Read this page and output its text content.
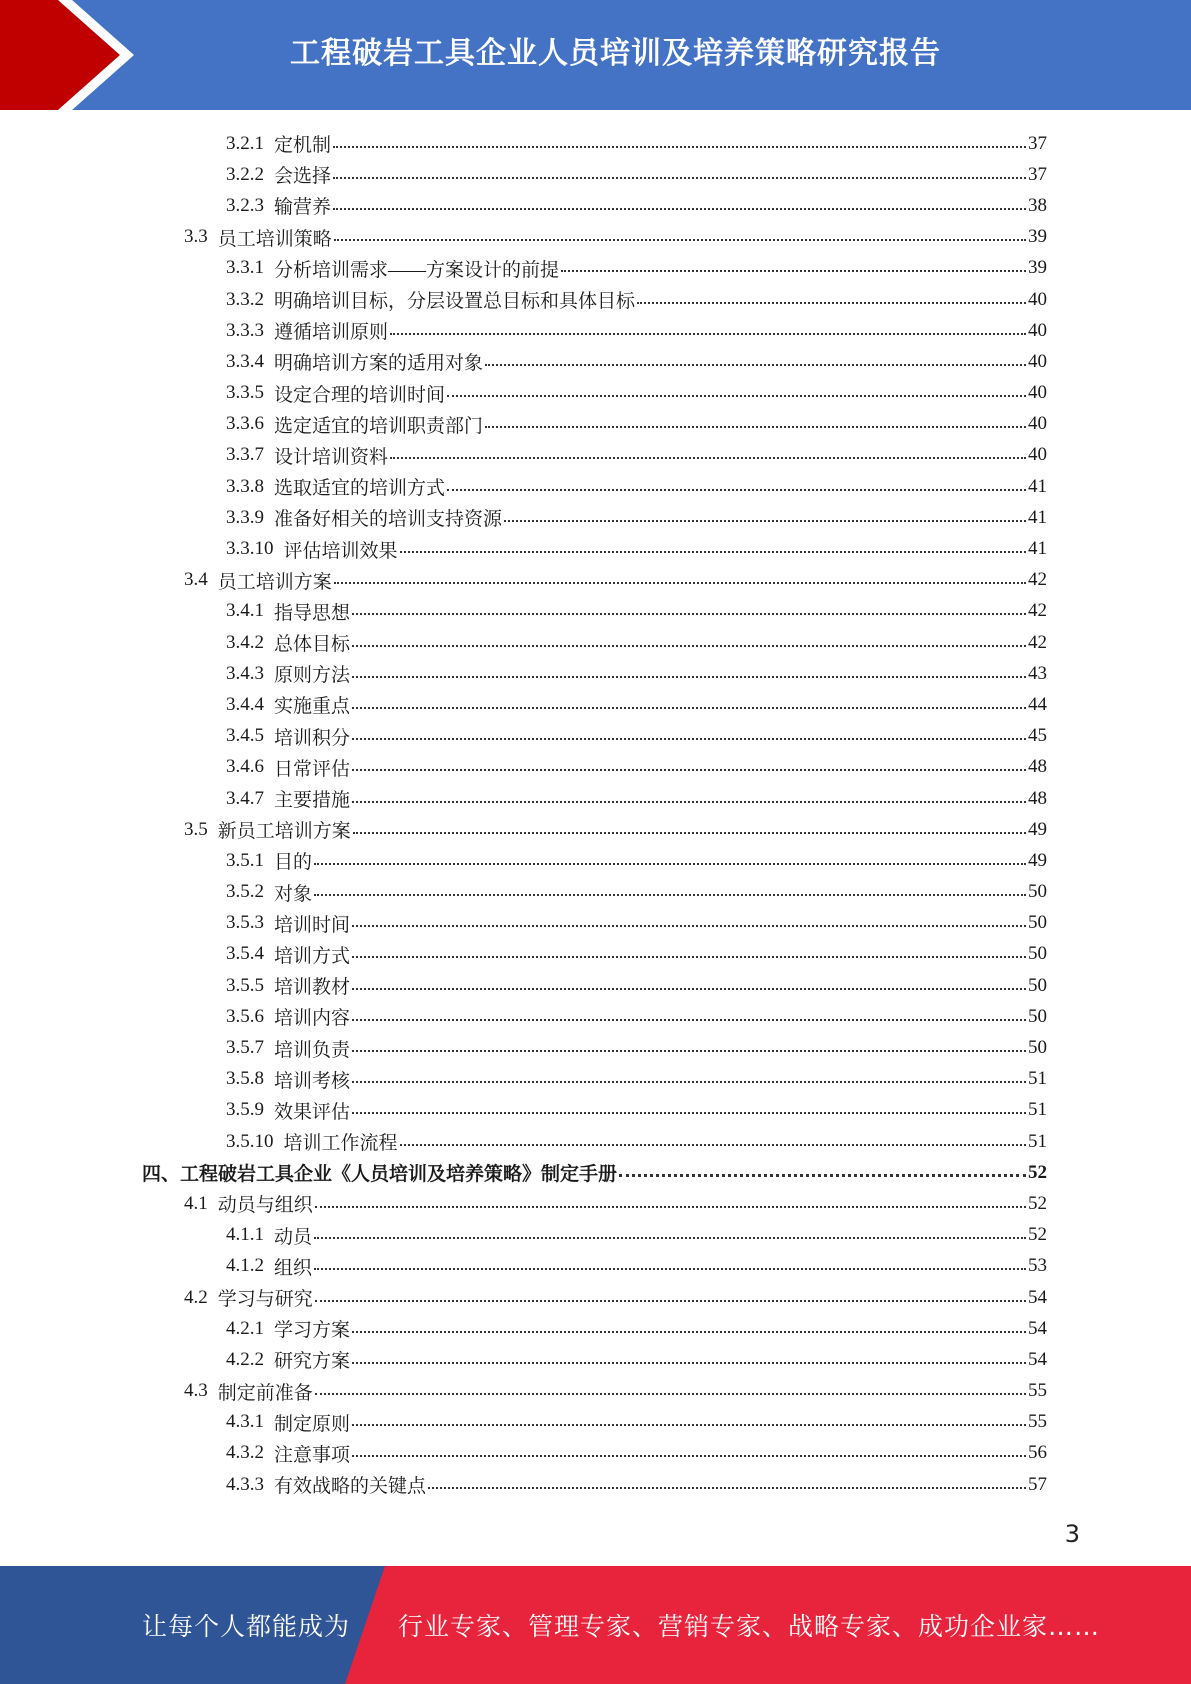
工程破岩工具企业人员培训及培养策略研究报告
3.2.1 定机制	37
3.2.2 会选择	37
3.2.3 输营养	38
3.3 员工培训策略	39
3.3.1 分析培训需求——方案设计的前提	39
3.3.2 明确培训目标，分层设置总目标和具体目标	40
3.3.3 遵循培训原则	40
3.3.4 明确培训方案的适用对象	40
3.3.5 设定合理的培训时间	40
3.3.6 选定适宜的培训职责部门	40
3.3.7 设计培训资料	40
3.3.8 选取适宜的培训方式	41
3.3.9 准备好相关的培训支持资源	41
3.3.10 评估培训效果	41
3.4 员工培训方案	42
3.4.1 指导思想	42
3.4.2 总体目标	42
3.4.3 原则方法	43
3.4.4 实施重点	44
3.4.5 培训积分	45
3.4.6 日常评估	48
3.4.7 主要措施	48
3.5 新员工培训方案	49
3.5.1 目的	49
3.5.2 对象	50
3.5.3 培训时间	50
3.5.4 培训方式	50
3.5.5 培训教材	50
3.5.6 培训内容	50
3.5.7 培训负责	50
3.5.8 培训考核	51
3.5.9 效果评估	51
3.5.10 培训工作流程	51
四、 工程破岩工具企业《人员培训及培养策略》制定手册	52
4.1 动员与组织	52
4.1.1 动员	52
4.1.2 组织	53
4.2 学习与研究	54
4.2.1 学习方案	54
4.2.2 研究方案	54
4.3 制定前准备	55
4.3.1 制定原则	55
4.3.2 注意事项	56
4.3.3 有效战略的关键点	57
3
让每个人都能成为 行业专家、管理专家、营销专家、战略专家、成功企业家……
